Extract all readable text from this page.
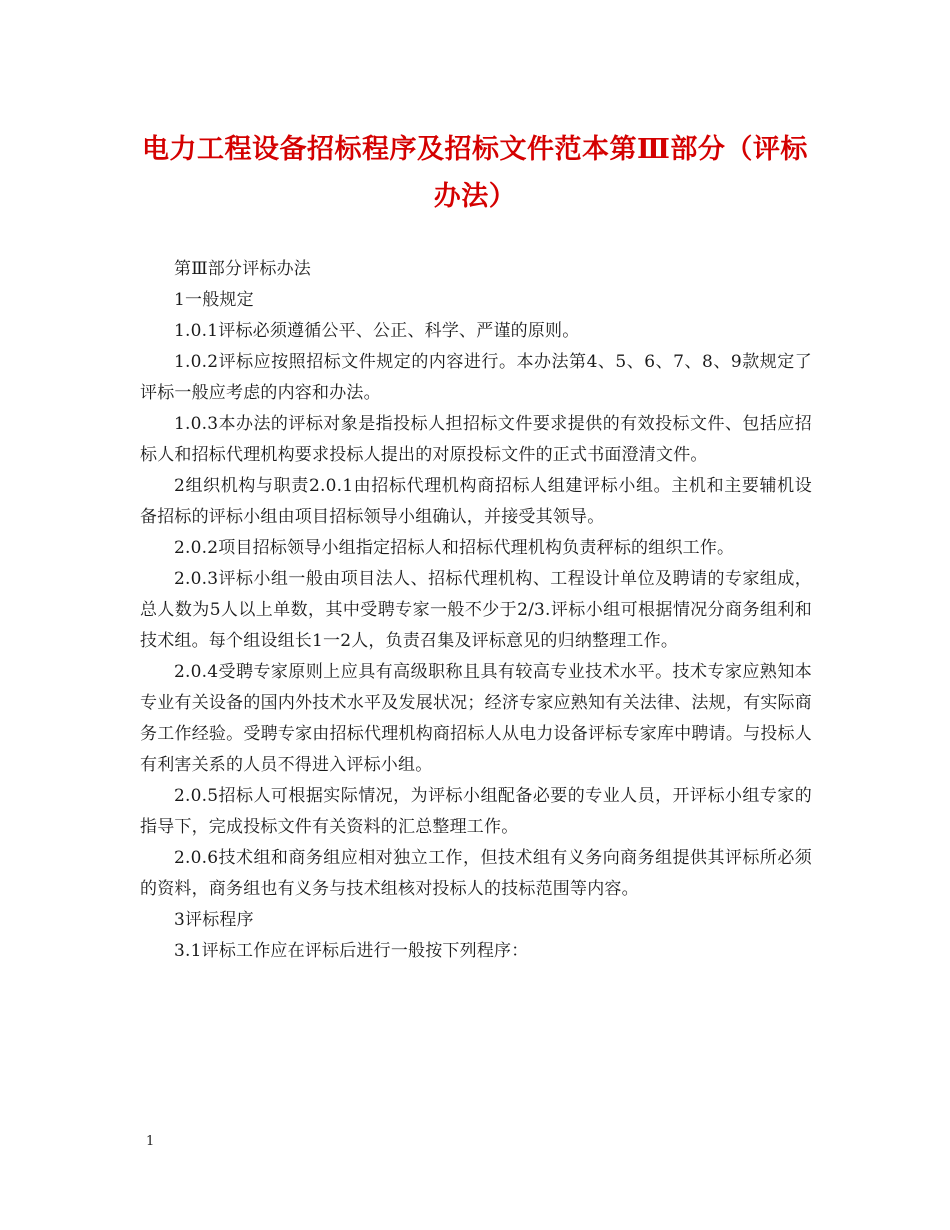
电力工程设备招标程序及招标文件范本第Ⅲ部分（评标办法）

第Ⅲ部分评标办法

1一般规定

1.0.1评标必须遵循公平、公正、科学、严谨的原则。

1.0.2评标应按照招标文件规定的内容进行。本办法第4、5、6、7、8、9款规定了评标一般应考虑的内容和办法。

1.0.3本办法的评标对象是指投标人担招标文件要求提供的有效投标文件、包括应招标人和招标代理机构要求投标人提出的对原投标文件的正式书面澄清文件。

2组织机构与职责2.0.1由招标代理机构商招标人组建评标小组。主机和主要辅机设备招标的评标小组由项目招标领导小组确认，并接受其领导。

2.0.2项目招标领导小组指定招标人和招标代理机构负责秤标的组织工作。

2.0.3评标小组一般由项目法人、招标代理机构、工程设计单位及聘请的专家组成，总人数为5人以上单数，其中受聘专家一般不少于2/3.评标小组可根据情况分商务组利和技术组。每个组设组长1一2人，负责召集及评标意见的归纳整理工作。

2.0.4受聘专家原则上应具有高级职称且具有较高专业技术水平。技术专家应熟知本专业有关设备的国内外技术水平及发展状况；经济专家应熟知有关法律、法规，有实际商务工作经验。受聘专家由招标代理机构商招标人从电力设备评标专家库中聘请。与投标人有利害关系的人员不得进入评标小组。

2.0.5招标人可根据实际情况，为评标小组配备必要的专业人员，开评标小组专家的指导下，完成投标文件有关资料的汇总整理工作。

2.0.6技术组和商务组应相对独立工作，但技术组有义务向商务组提供其评标所必须的资料，商务组也有义务与技术组核对投标人的技标范围等内容。

3评标程序

3.1评标工作应在评标后进行一般按下列程序：

1
